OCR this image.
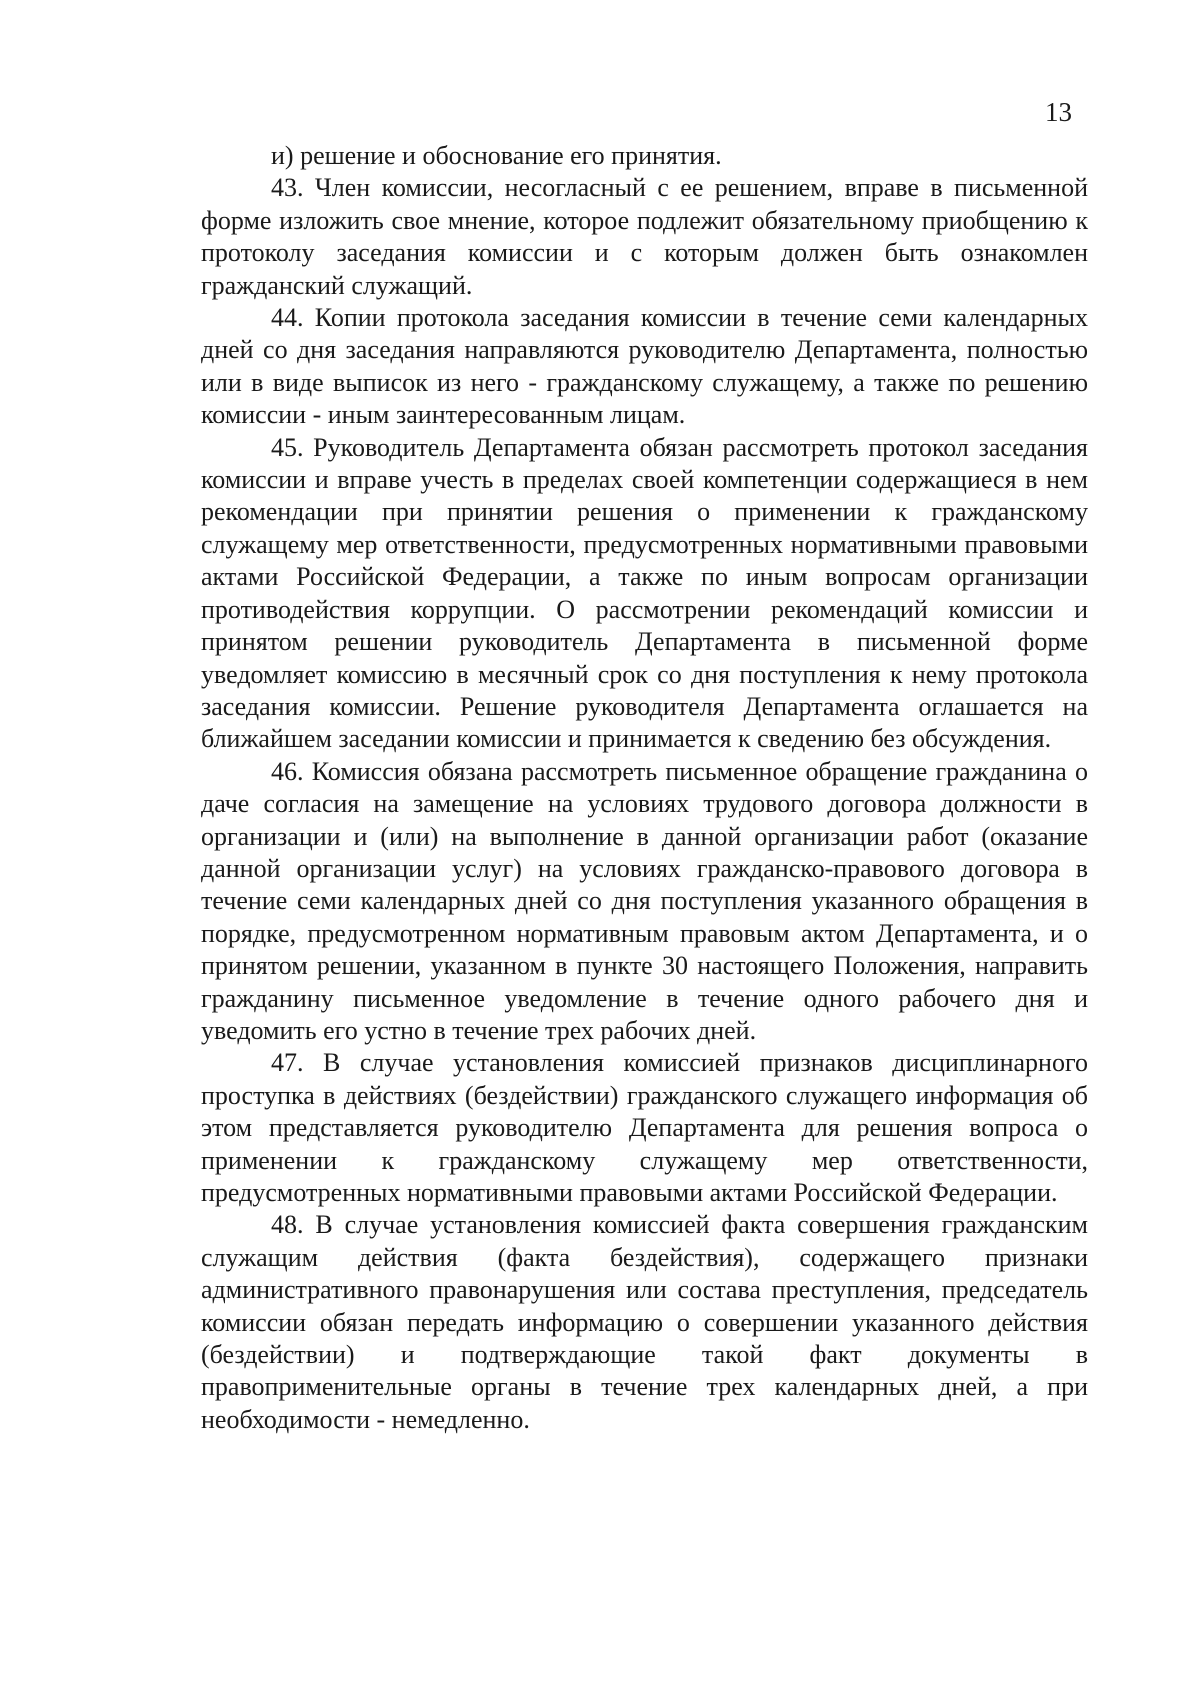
13

и) решение и обоснование его принятия.

43. Член комиссии, несогласный с ее решением, вправе в письменной форме изложить свое мнение, которое подлежит обязательному приобщению к протоколу заседания комиссии и с которым должен быть ознакомлен гражданский служащий.

44. Копии протокола заседания комиссии в течение семи календарных дней со дня заседания направляются руководителю Департамента, полностью или в виде выписок из него - гражданскому служащему, а также по решению комиссии - иным заинтересованным лицам.

45. Руководитель Департамента обязан рассмотреть протокол заседания комиссии и вправе учесть в пределах своей компетенции содержащиеся в нем рекомендации при принятии решения о применении к гражданскому служащему мер ответственности, предусмотренных нормативными правовыми актами Российской Федерации, а также по иным вопросам организации противодействия коррупции. О рассмотрении рекомендаций комиссии и принятом решении руководитель Департамента в письменной форме уведомляет комиссию в месячный срок со дня поступления к нему протокола заседания комиссии. Решение руководителя Департамента оглашается на ближайшем заседании комиссии и принимается к сведению без обсуждения.

46. Комиссия обязана рассмотреть письменное обращение гражданина о даче согласия на замещение на условиях трудового договора должности в организации и (или) на выполнение в данной организации работ (оказание данной организации услуг) на условиях гражданско-правового договора в течение семи календарных дней со дня поступления указанного обращения в порядке, предусмотренном нормативным правовым актом Департамента, и о принятом решении, указанном в пункте 30 настоящего Положения, направить гражданину письменное уведомление в течение одного рабочего дня и уведомить его устно в течение трех рабочих дней.

47. В случае установления комиссией признаков дисциплинарного проступка в действиях (бездействии) гражданского служащего информация об этом представляется руководителю Департамента для решения вопроса о применении к гражданскому служащему мер ответственности, предусмотренных нормативными правовыми актами Российской Федерации.

48. В случае установления комиссией факта совершения гражданским служащим действия (факта бездействия), содержащего признаки административного правонарушения или состава преступления, председатель комиссии обязан передать информацию о совершении указанного действия (бездействии) и подтверждающие такой факт документы в правоприменительные органы в течение трех календарных дней, а при необходимости - немедленно.
